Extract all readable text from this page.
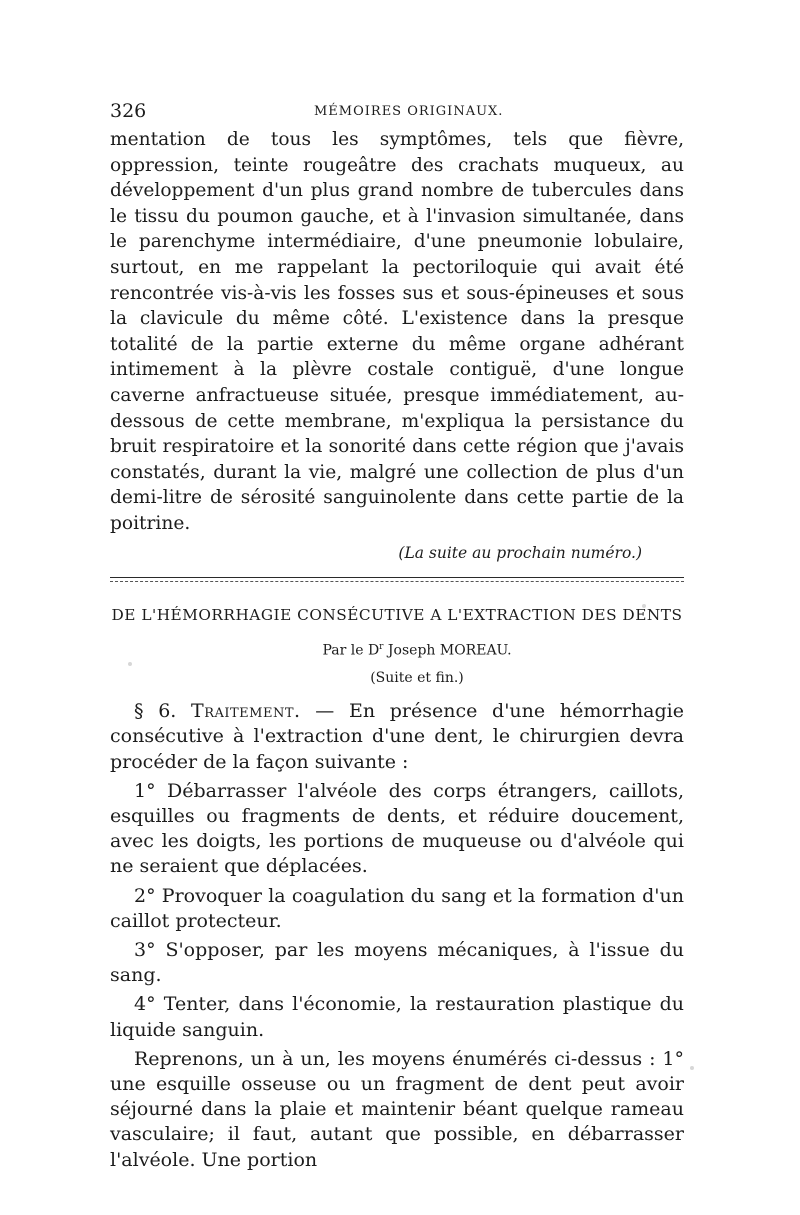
326	MÉMOIRES ORIGINAUX.

mentation de tous les symptômes, tels que fièvre, oppression, teinte rougeâtre des crachats muqueux, au développement d'un plus grand nombre de tubercules dans le tissu du poumon gauche, et à l'invasion simultanée, dans le parenchyme intermédiaire, d'une pneumonie lobulaire, surtout, en me rappelant la pectoriloquie qui avait été rencontrée vis-à-vis les fosses sus et sous-épineuses et sous la clavicule du même côté. L'existence dans la presque totalité de la partie externe du même organe adhérant intimement à la plèvre costale contiguë, d'une longue caverne anfractueuse située, presque immédiatement, au-dessous de cette membrane, m'expliqua la persistance du bruit respiratoire et la sonorité dans cette région que j'avais constatés, durant la vie, malgré une collection de plus d'un demi-litre de sérosité sanguinolente dans cette partie de la poitrine.

(La suite au prochain numéro.)
DE L'HÉMORRHAGIE CONSÉCUTIVE A L'EXTRACTION DES DENTS
Par le $D^r$ Joseph MOREAU.
(Suite et fin.)

§ 6. Traitement. — En présence d'une hémorrhagie consécutive à l'extraction d'une dent, le chirurgien devra procéder de la façon suivante :

1° Débarrasser l'alvéole des corps étrangers, caillots, esquilles ou fragments de dents, et réduire doucement, avec les doigts, les portions de muqueuse ou d'alvéole qui ne seraient que déplacées.

2° Provoquer la coagulation du sang et la formation d'un caillot protecteur.

3° S'opposer, par les moyens mécaniques, à l'issue du sang.

4° Tenter, dans l'économie, la restauration plastique du liquide sanguin.

Reprenons, un à un, les moyens énumérés ci-dessus : 1° une esquille osseuse ou un fragment de dent peut avoir séjourné dans la plaie et maintenir béant quelque rameau vasculaire; il faut, autant que possible, en débarrasser l'alvéole. Une portion
